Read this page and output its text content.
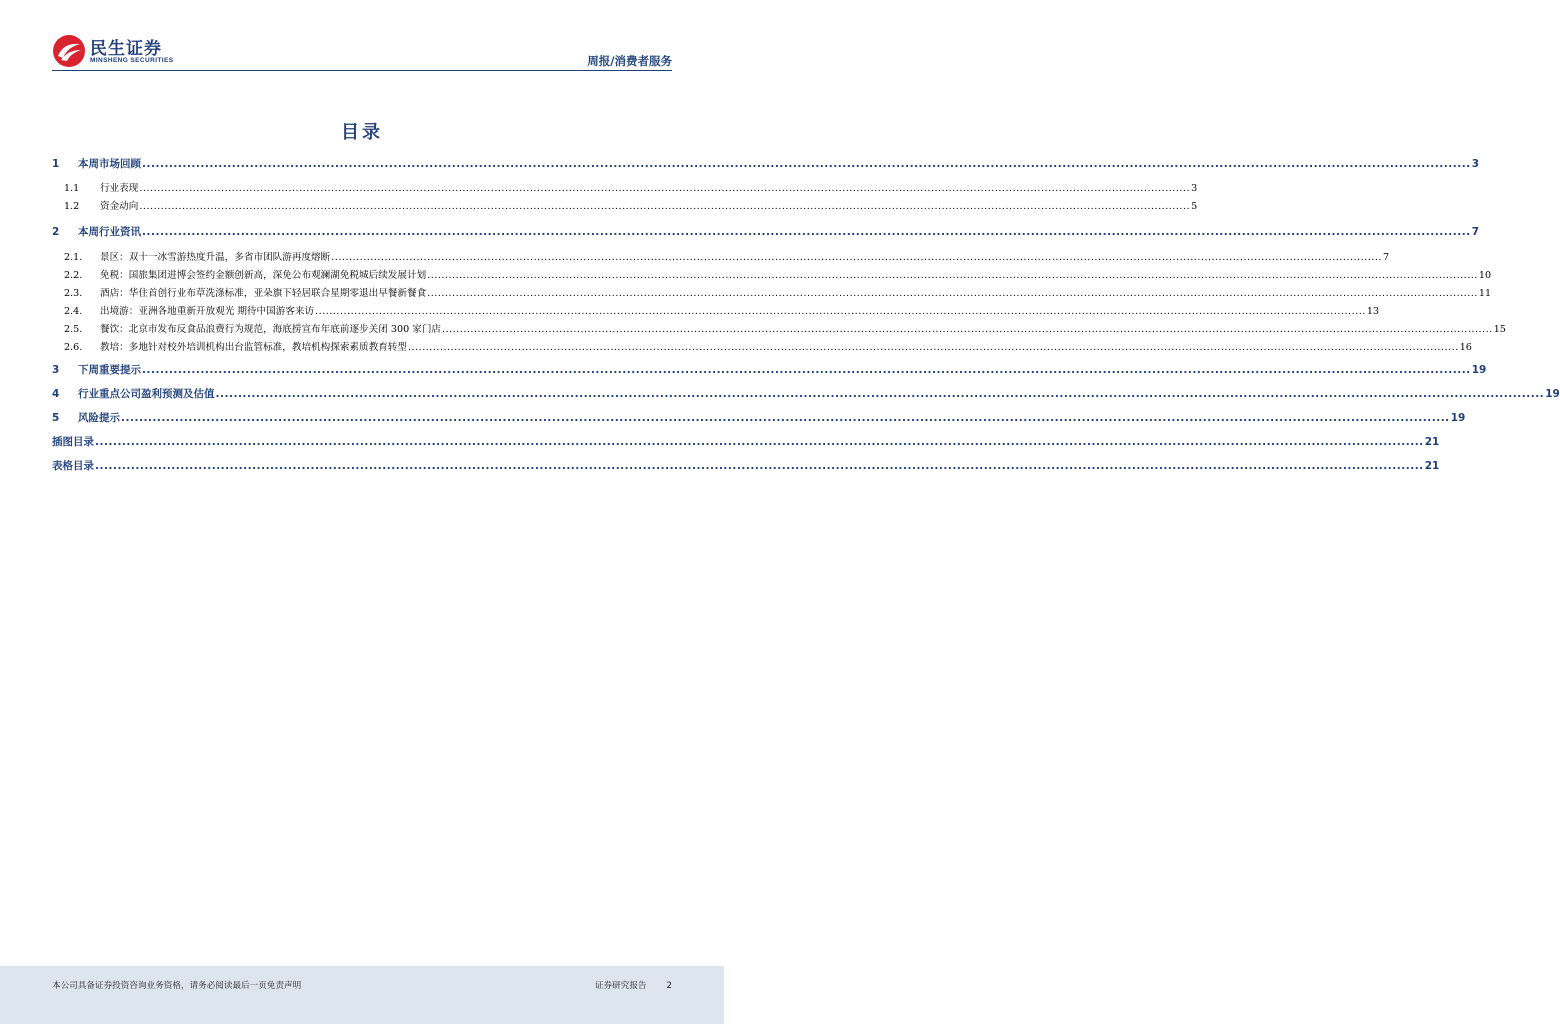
民生证券
MINSHENG SECURITIES	周报/消费者服务
目录
1	本周市场回顾 .....	3
1.1	行业表现 .....	3
1.2	资金动向 .....	5
2	本周行业资讯 .....	7
2.1.	景区：双十一冰雪游热度升温，多省市团队游再度熔断 .....	7
2.2.	免税：国旅集团进博会签约金额创新高，深免公布观澜湖免税城后续发展计划 .....	10
2.3.	酒店：华住首创行业布草洗涤标准，亚朵旗下轻居联合星期零退出早餐新餐食 .....	11
2.4.	出境游：亚洲各地重新开放观光 期待中国游客来访 .....	13
2.5.	餐饮：北京市发布反食品浪费行为规范，海底捞宣布年底前逐步关闭 300 家门店 .....	15
2.6.	教培：多地针对校外培训机构出台监管标准，教培机构探索素质教育转型 .....	16
3	下周重要提示 .....	19
4	行业重点公司盈利预测及估值 .....	19
5	风险提示 .....	19
插图目录 .....	21
表格目录 .....	21
本公司具备证券投资咨询业务资格，请务必阅读最后一页免责声明	证券研究报告 2
